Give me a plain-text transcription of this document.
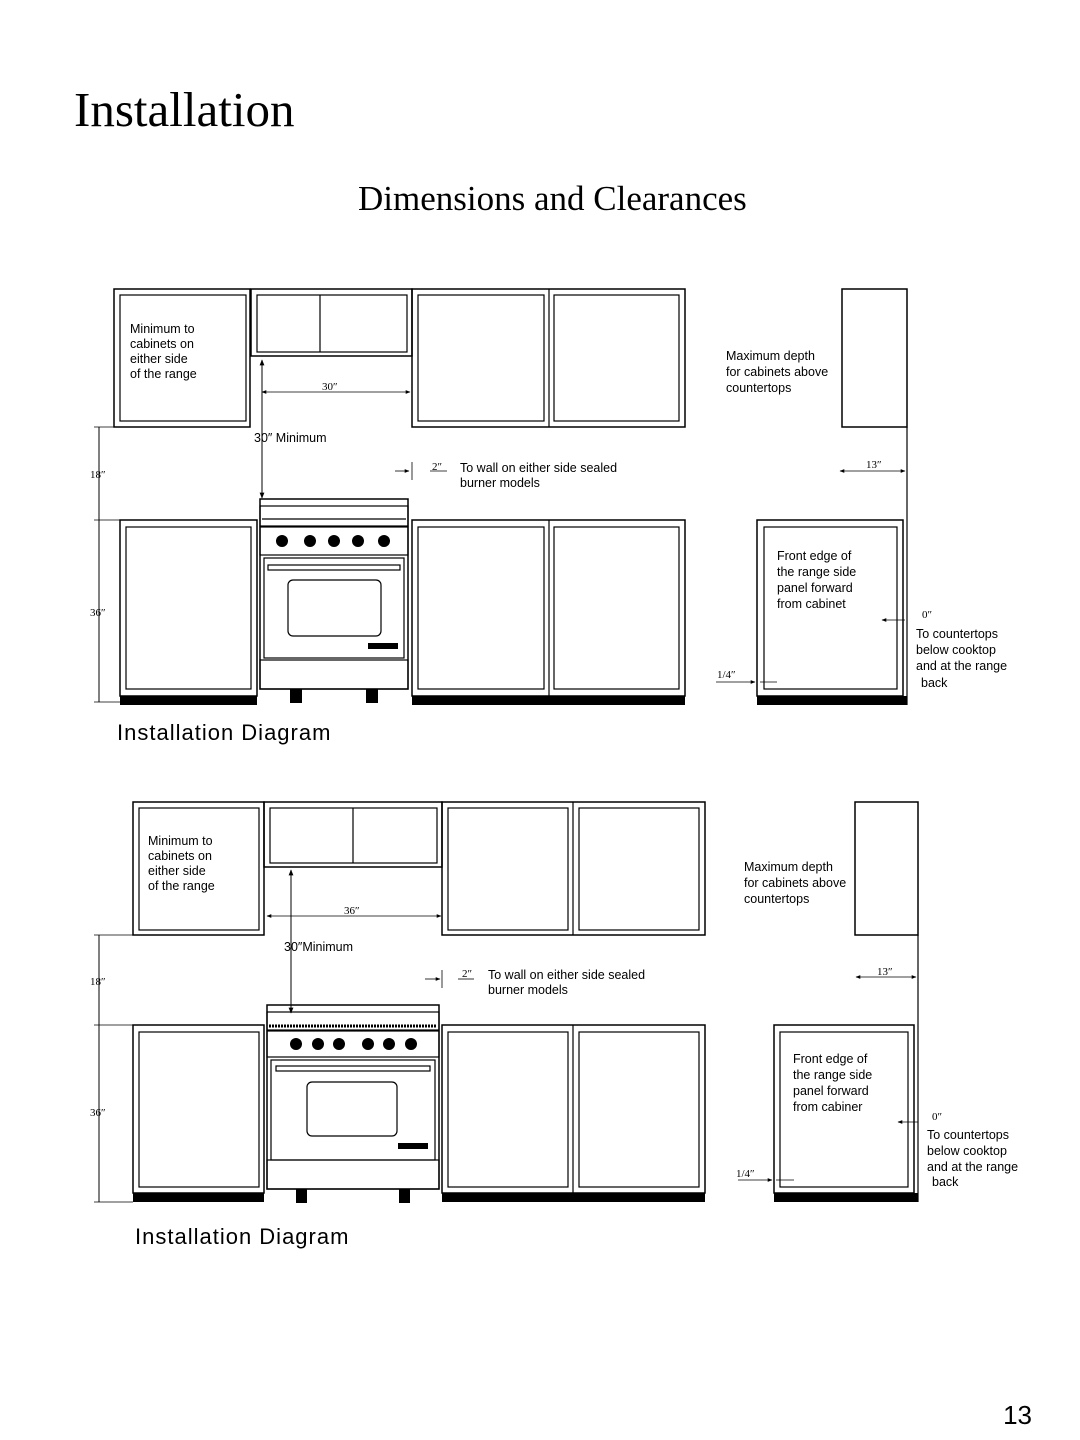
Installation
Dimensions and Clearances
Minimum to
cabinets on
either side
of the range
30″
30″ Minimum
18″
36″
2″ To wall on either side sealed
burner models
Maximum depth
for cabinets above
countertops
13″
Front edge of
the range side
panel forward
from cabinet
0″
To countertops
below cooktop
and at the range
back
1/4″
Minimum to
cabinets on
either side
of the range
36″
30″Minimum
18″
36″
2″ To wall on either side sealed
burner models
Maximum depth
for cabinets above
countertops
13″
Front edge of
the range side
panel forward
from cabiner
0″
To countertops
below cooktop
and at the range
back
1/4″
Installation Diagram
Installation Diagram
13
